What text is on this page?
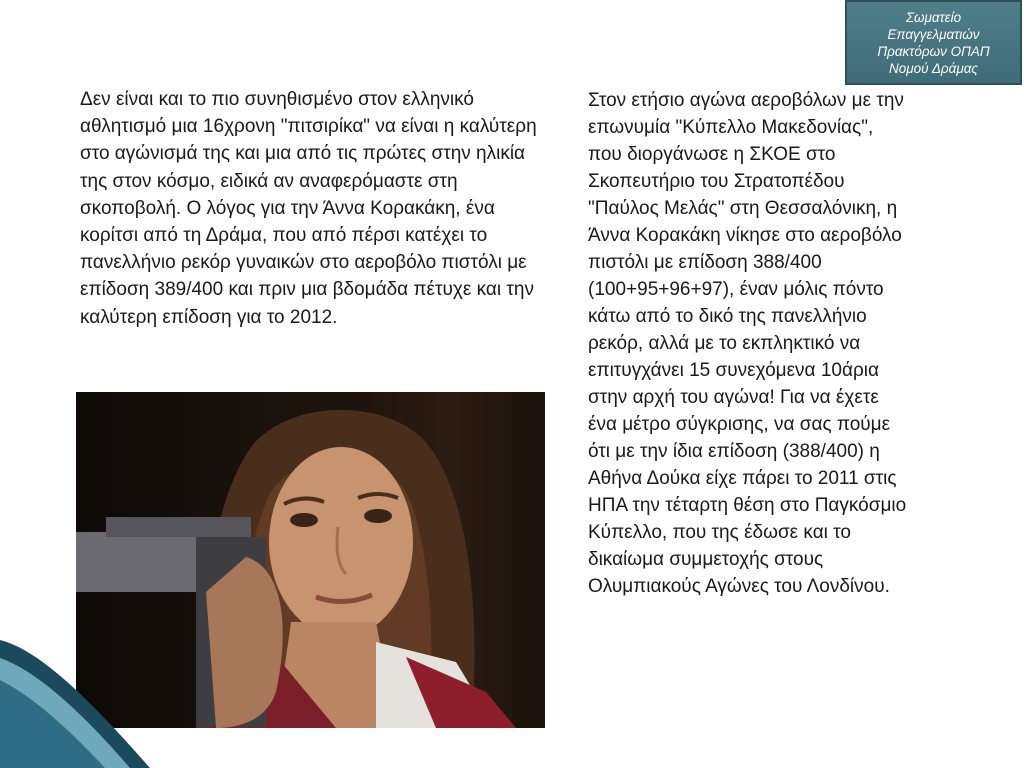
Σωματείο
Επαγγελματιών
Πρακτόρων ΟΠΑΠ
Νομού Δράμας
Δεν είναι και το πιο συνηθισμένο στον ελληνικό αθλητισμό μια 16χρονη "πιτσιρίκα" να είναι η καλύτερη στο αγώνισμά της και μια από τις πρώτες στην ηλικία της στον κόσμο, ειδικά αν αναφερόμαστε στη σκοποβολή. Ο λόγος για την Άννα Κορακάκη, ένα κορίτσι από τη Δράμα, που από πέρσι κατέχει το πανελλήνιο ρεκόρ γυναικών στο αεροβόλο πιστόλι με επίδοση 389/400 και πριν μια βδομάδα πέτυχε και την καλύτερη επίδοση για το 2012.
Στον ετήσιο αγώνα αεροβόλων με την επωνυμία "Κύπελλο Μακεδονίας", που διοργάνωσε η ΣΚΟΕ στο Σκοπευτήριο του Στρατοπέδου "Παύλος Μελάς" στη Θεσσαλόνικη, η Άννα Κορακάκη νίκησε στο αεροβόλο πιστόλι με επίδοση 388/400 (100+95+96+97), έναν μόλις πόντο κάτω από το δικό της πανελλήνιο ρεκόρ, αλλά με το εκπληκτικό να επιτυγχάνει 15 συνεχόμενα 10άρια στην αρχή του αγώνα! Για να έχετε ένα μέτρο σύγκρισης, να σας πούμε ότι με την ίδια επίδοση (388/400) η Αθήνα Δούκα είχε πάρει το 2011 στις ΗΠΑ την τέταρτη θέση στο Παγκόσμιο Κύπελλο, που της έδωσε και το δικαίωμα συμμετοχής στους Ολυμπιακούς Αγώνες του Λονδίνου.
